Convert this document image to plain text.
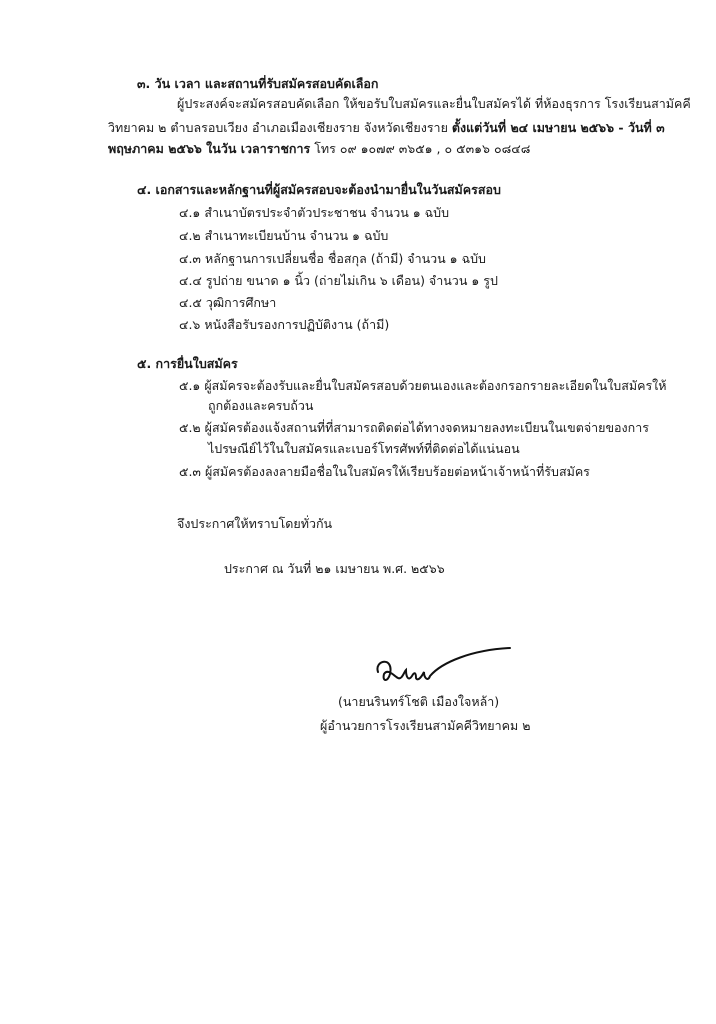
๓. วัน เวลา และสถานที่รับสมัครสอบคัดเลือก
ผู้ประสงค์จะสมัครสอบคัดเลือก ให้ขอรับใบสมัครและยื่นใบสมัครได้ ที่ห้องธุรการ โรงเรียนสามัคคี
วิทยาคม ๒ ตำบลรอบเวียง อำเภอเมืองเชียงราย จังหวัดเชียงราย ตั้งแต่วันที่ ๒๔ เมษายน ๒๕๖๖ - วันที่ ๓
พฤษภาคม ๒๕๖๖ ในวัน เวลาราชการ โทร ๐๙ ๑๐๗๙ ๓๖๕๑ , ๐ ๕๓๑๖ ๐๘๔๘
๔. เอกสารและหลักฐานที่ผู้สมัครสอบจะต้องนำมายื่นในวันสมัครสอบ
๔.๑ สำเนาบัตรประจำตัวประชาชน จำนวน ๑ ฉบับ
๔.๒ สำเนาทะเบียนบ้าน จำนวน ๑ ฉบับ
๔.๓ หลักฐานการเปลี่ยนชื่อ ชื่อสกุล (ถ้ามี) จำนวน ๑ ฉบับ
๔.๔ รูปถ่าย ขนาด ๑ นิ้ว (ถ่ายไม่เกิน ๖ เดือน) จำนวน ๑ รูป
๔.๕ วุฒิการศึกษา
๔.๖ หนังสือรับรองการปฏิบัติงาน (ถ้ามี)
๕. การยื่นใบสมัคร
๕.๑ ผู้สมัครจะต้องรับและยื่นใบสมัครสอบด้วยตนเองและต้องกรอกรายละเอียดในใบสมัครให้
ถูกต้องและครบถ้วน
๕.๒ ผู้สมัครต้องแจ้งสถานที่ที่สามารถติดต่อได้ทางจดหมายลงทะเบียนในเขตจ่ายของการ
ไปรษณีย์ไว้ในใบสมัครและเบอร์โทรศัพท์ที่ติดต่อได้แน่นอน
๕.๓ ผู้สมัครต้องลงลายมือชื่อในใบสมัครให้เรียบร้อยต่อหน้าเจ้าหน้าที่รับสมัคร
จึงประกาศให้ทราบโดยทั่วกัน
ประกาศ ณ วันที่ ๒๑ เมษายน พ.ศ. ๒๕๖๖
(นายนรินทร์โชติ เมืองใจหล้า)
ผู้อำนวยการโรงเรียนสามัคคีวิทยาคม ๒
